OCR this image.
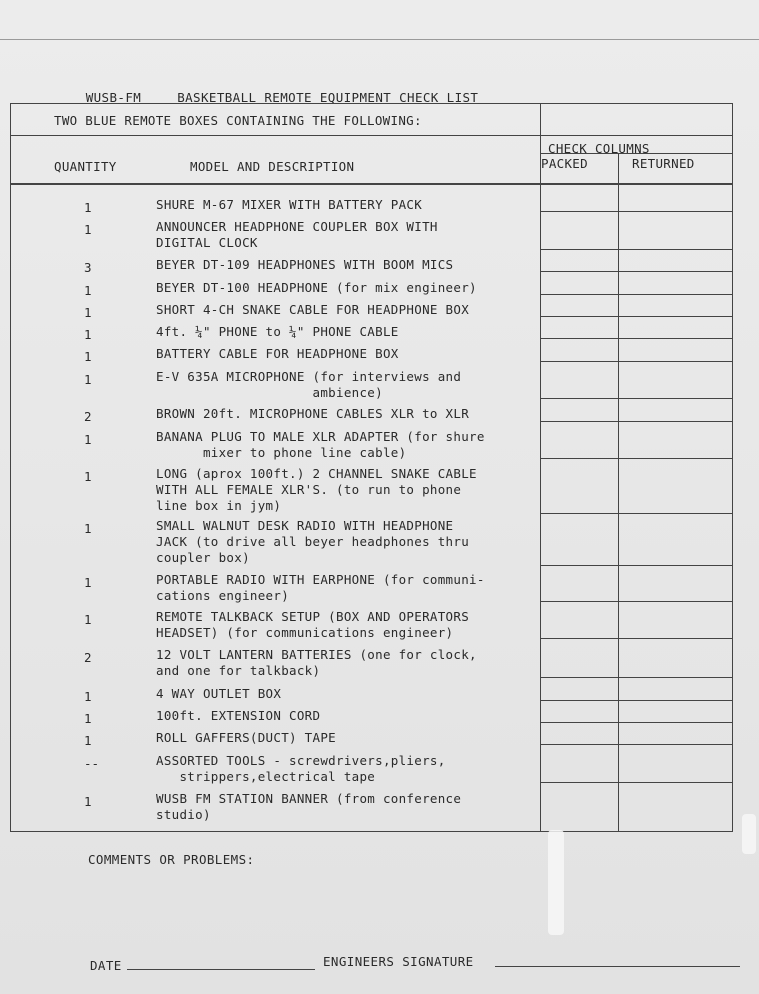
WUSB-FM	BASKETBALL REMOTE EQUIPMENT CHECK LIST

TWO BLUE REMOTE BOXES CONTAINING THE FOLLOWING:
CHECK COLUMNS
QUANTITY	MODEL AND DESCRIPTION	PACKED	RETURNED
1	SHURE M-67 MIXER WITH BATTERY PACK
1	ANNOUNCER HEADPHONE COUPLER BOX WITH
DIGITAL CLOCK
3	BEYER DT-109 HEADPHONES WITH BOOM MICS
1	BEYER DT-100 HEADPHONE (for mix engineer)
1	SHORT 4-CH SNAKE CABLE FOR HEADPHONE BOX
1	4ft. ¼" PHONE to ¼" PHONE CABLE
1	BATTERY CABLE FOR HEADPHONE BOX
1	E-V 635A MICROPHONE (for interviews and
ambience)
2	BROWN 20ft. MICROPHONE CABLES XLR to XLR
1	BANANA PLUG TO MALE XLR ADAPTER (for shure
mixer to phone line cable)
1	LONG (aprox 100ft.) 2 CHANNEL SNAKE CABLE
WITH ALL FEMALE XLR'S. (to run to phone
line box in jym)
1	SMALL WALNUT DESK RADIO WITH HEADPHONE
JACK (to drive all beyer headphones thru
coupler box)
1	PORTABLE RADIO WITH EARPHONE (for communi-
cations engineer)
1	REMOTE TALKBACK SETUP (BOX AND OPERATORS
HEADSET) (for communications engineer)
2	12 VOLT LANTERN BATTERIES (one for clock,
and one for talkback)
1	4 WAY OUTLET BOX
1	100ft. EXTENSION CORD
1	ROLL GAFFERS(DUCT) TAPE
--	ASSORTED TOOLS - screwdrivers,pliers,
strippers,electrical tape
1	WUSB FM STATION BANNER (from conference
studio)
COMMENTS OR PROBLEMS:
DATE	ENGINEERS SIGNATURE
